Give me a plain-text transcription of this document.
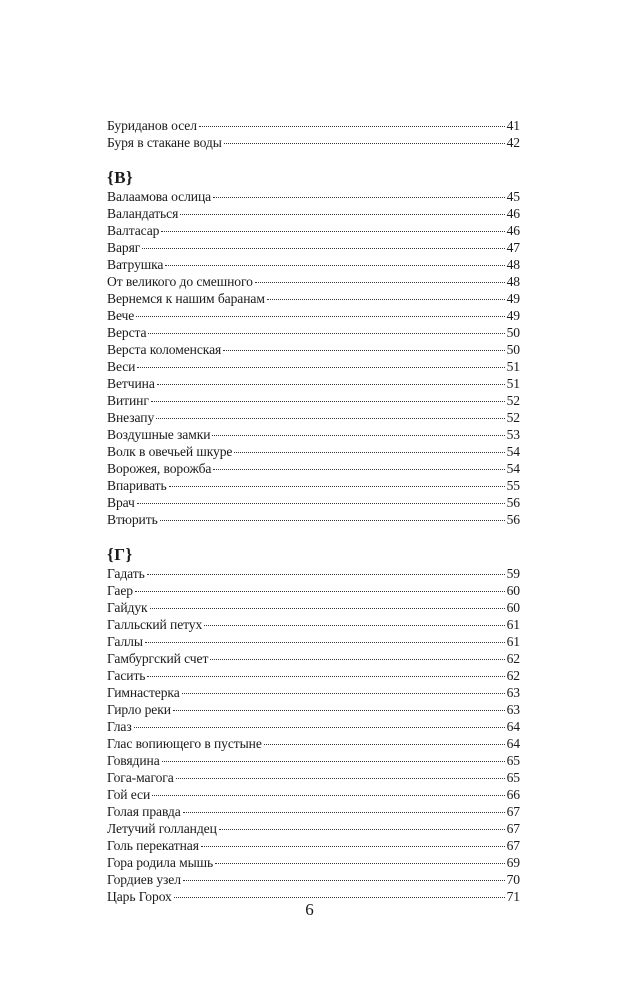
Буриданов осел	41
Буря в стакане воды	42
{В}
Валаамова ослица	45
Валандаться	46
Валтасар	46
Варяг	47
Ватрушка	48
От великого до смешного	48
Вернемся к нашим баранам	49
Вече	49
Верста	50
Верста коломенская	50
Веси	51
Ветчина	51
Витинг	52
Внезапу	52
Воздушные замки	53
Волк в овечьей шкуре	54
Ворожея, ворожба	54
Впаривать	55
Врач	56
Втюрить	56
{Г}
Гадать	59
Гаер	60
Гайдук	60
Галльский петух	61
Галлы	61
Гамбургский счет	62
Гасить	62
Гимнастерка	63
Гирло реки	63
Глаз	64
Глас вопиющего в пустыне	64
Говядина	65
Гога-магога	65
Гой еси	66
Голая правда	67
Летучий голландец	67
Голь перекатная	67
Гора родила мышь	69
Гордиев узел	70
Царь Горох	71
6
